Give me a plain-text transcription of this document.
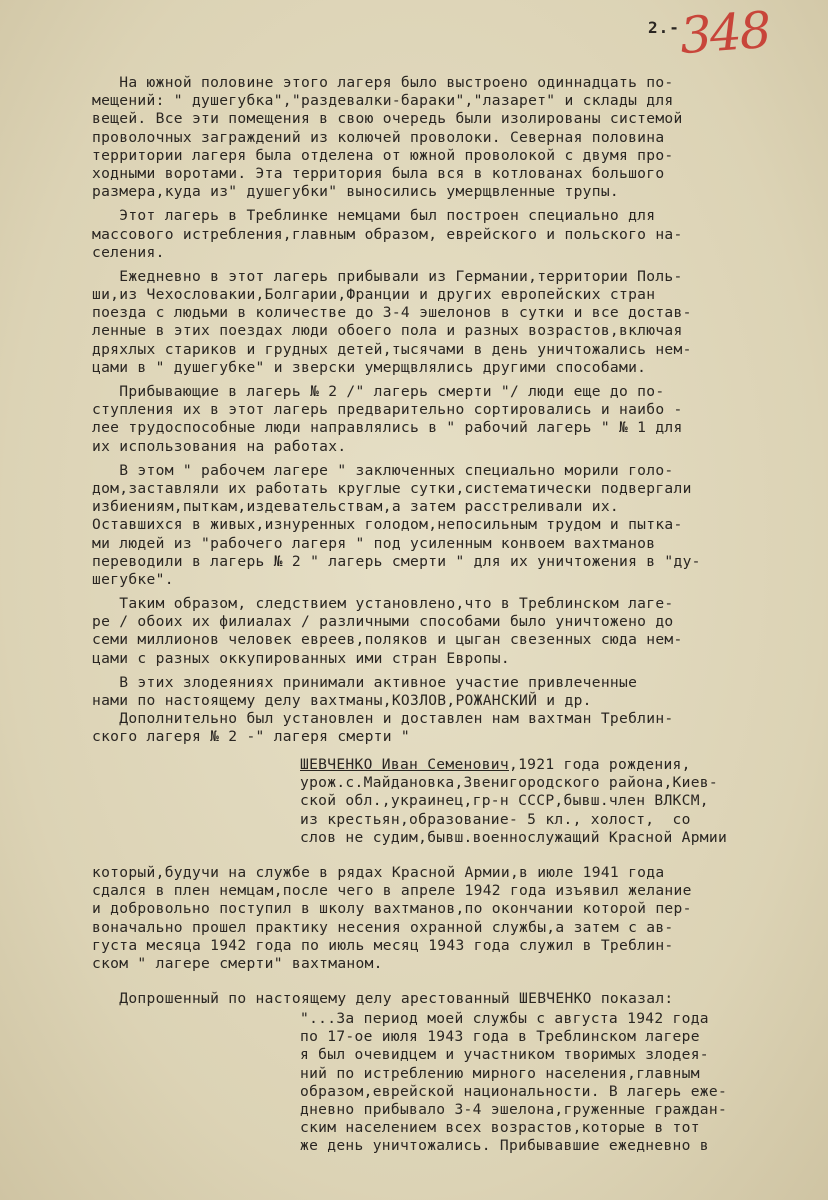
2.-
348
На южной половине этого лагеря было выстроено одиннадцать по-
мещений: " душегубка","раздевалки-бараки","лазарет" и склады для
вещей. Все эти помещения в свою очередь были изолированы системой
проволочных заграждений из колючей проволоки. Северная половина
территории лагеря была отделена от южной проволокой с двумя про-
ходными воротами. Эта территория была вся в котлованах большого
размера,куда из" душегубки" выносились умерщвленные трупы.
Этот лагерь в Треблинке немцами был построен специально для
массового истребления,главным образом, еврейского и польского на-
селения.
Ежедневно в этот лагерь прибывали из Германии,территории Поль-
ши,из Чехословакии,Болгарии,Франции и других европейских стран
поезда с людьми в количестве до 3-4 эшелонов в сутки и все достав-
ленные в этих поездах люди обоего пола и разных возрастов,включая
дряхлых стариков и грудных детей,тысячами в день уничтожались нем-
цами в " душегубке" и зверски умерщвлялись другими способами.
Прибывающие в лагерь № 2 /" лагерь смерти "/ люди еще до по-
ступления их в этот лагерь предварительно сортировались и наибо -
лее трудоспособные люди направлялись в " рабочий лагерь " № 1 для
их использования на работах.
В этом " рабочем лагере " заключенных специально морили голо-
дом,заставляли их работать круглые сутки,систематически подвергали
избиениям,пыткам,издевательствам,а затем расстреливали их.
Оставшихся в живых,изнуренных голодом,непосильным трудом и пытка-
ми людей из "рабочего лагеря " под усиленным конвоем вахтманов
переводили в лагерь № 2 " лагерь смерти " для их уничтожения в "ду-
шегубке".
Таким образом, следствием установлено,что в Треблинском лагe-
ре / обоих их филиалах / различными способами было уничтожено до
семи миллионов человек евреев,поляков и цыган свезенных сюда нем-
цами с разных оккупированных ими стран Европы.
В этих злодеяниях принимали активное участие привлеченные
нами по настоящему делу вахтманы,КОЗЛОВ,РОЖАНСКИЙ и др.
Дополнительно был установлен и доставлен нам вахтман Треблин-
ского лагеря № 2 -" лагеря смерти "
ШЕВЧЕНКО Иван Семенович,1921 года рождения,
урож.с.Майдановка,Звенигородского района,Киев-
ской обл.,украинец,гр-н СССР,бывш.член ВЛКСМ,
из крестьян,образование- 5 кл., холост,  со
слов не судим,бывш.военнослужащий Красной Армии
который,будучи на службе в рядах Красной Армии,в июле 1941 года
сдался в плен немцам,после чего в апреле 1942 года изъявил желание
и добровольно поступил в школу вахтманов,по окончании которой пер-
воначально прошел практику несения охранной службы,а затем с ав-
густа месяца 1942 года по июль месяц 1943 года служил в Треблин-
ском " лагере смерти" вахтманом.
Допрошенный по настоящему делу арестованный ШЕВЧЕНКО показал:
"...За период моей службы с августа 1942 года
по 17-ое июля 1943 года в Треблинском лагере
я был очевидцем и участником творимых злодея-
ний по истреблению мирного населения,главным
образом,еврейской национальности. В лагерь еже-
дневно прибывало 3-4 эшелона,груженные граждан-
ским населением всех возрастов,которые в тот
же день уничтожались. Прибывавшие ежедневно в
